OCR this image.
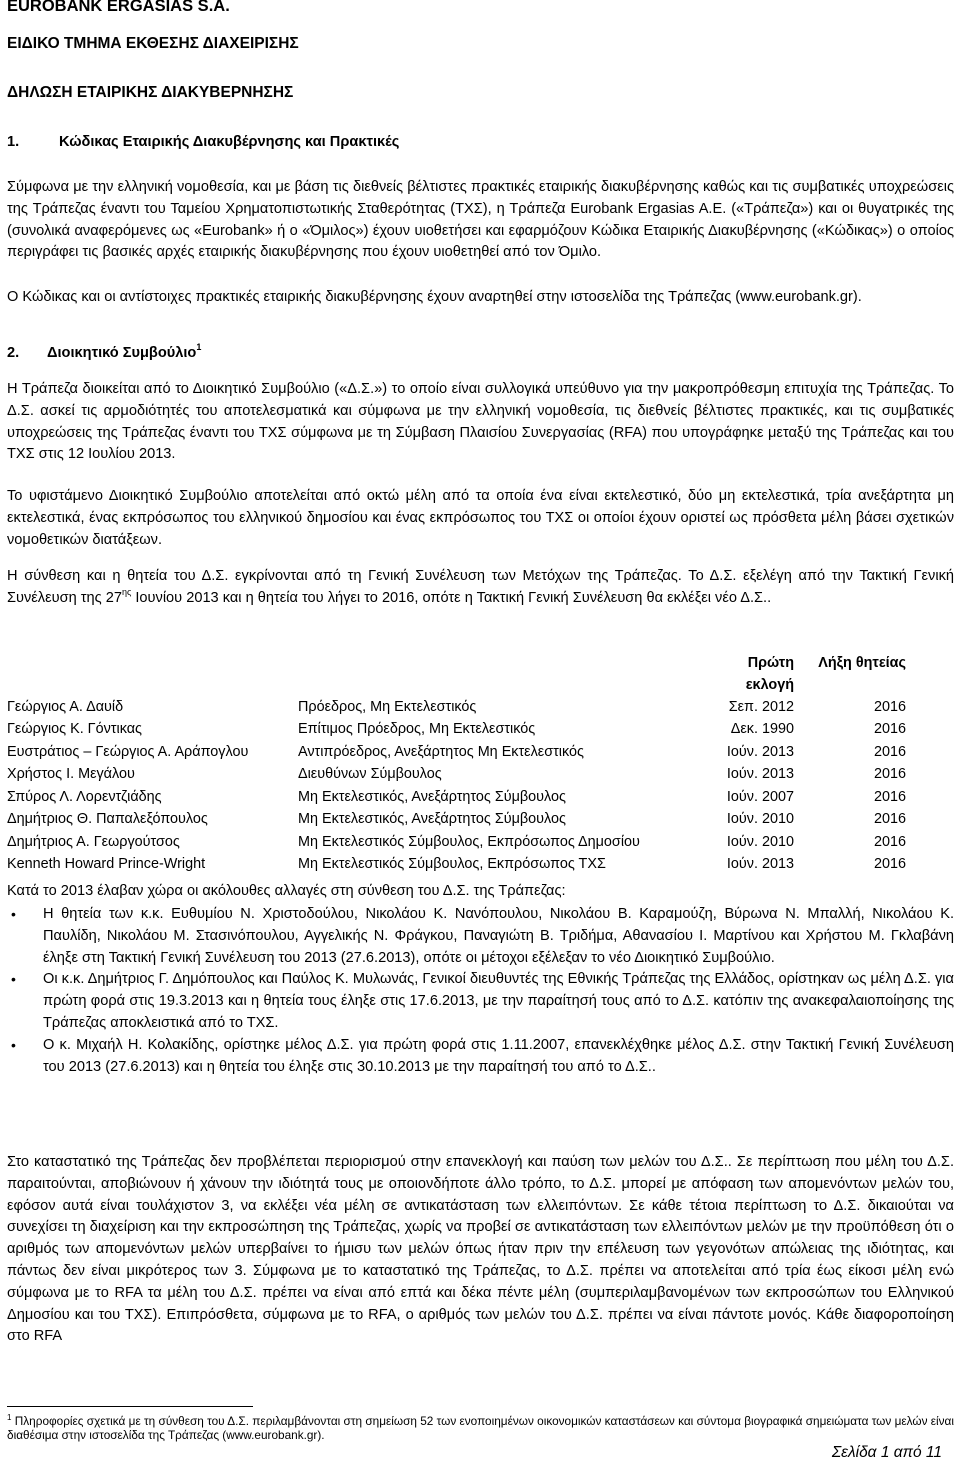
EUROBANK ERGASIAS S.A.
ΕΙΔΙΚΟ ΤΜΗΜΑ ΕΚΘΕΣΗΣ ΔΙΑΧΕΙΡΙΣΗΣ
ΔΗΛΩΣΗ ΕΤΑΙΡΙΚΗΣ ΔΙΑΚΥΒΕΡΝΗΣΗΣ
1.	Κώδικας Εταιρικής Διακυβέρνησης και Πρακτικές

Σύμφωνα με την ελληνική νομοθεσία, και με βάση τις διεθνείς βέλτιστες πρακτικές εταιρικής διακυβέρνησης καθώς και τις συμβατικές υποχρεώσεις της Τράπεζας έναντι του Ταμείου Χρηματοπιστωτικής Σταθερότητας (ΤΧΣ), η Τράπεζα Eurobank Ergasias A.E. («Τράπεζα») και οι θυγατρικές της (συνολικά αναφερόμενες ως «Eurobank» ή ο «Όμιλος») έχουν υιοθετήσει και εφαρμόζουν Κώδικα Εταιρικής Διακυβέρνησης («Κώδικας») ο οποίος περιγράφει τις βασικές αρχές εταιρικής διακυβέρνησης που έχουν υιοθετηθεί από τον Όμιλο.

Ο Κώδικας και οι αντίστοιχες πρακτικές εταιρικής διακυβέρνησης έχουν αναρτηθεί στην ιστοσελίδα της Τράπεζας (www.eurobank.gr).

2. Διοικητικό Συμβούλιο$^1$

Η Τράπεζα διοικείται από το Διοικητικό Συμβούλιο («Δ.Σ.») το οποίο είναι συλλογικά υπεύθυνο για την μακροπρόθεσμη επιτυχία της Τράπεζας. Το Δ.Σ. ασκεί τις αρμοδιότητές του αποτελεσματικά και σύμφωνα με την ελληνική νομοθεσία, τις διεθνείς βέλτιστες πρακτικές, και τις συμβατικές υποχρεώσεις της Τράπεζας έναντι του ΤΧΣ σύμφωνα με τη Σύμβαση Πλαισίου Συνεργασίας (RFA) που υπογράφηκε μεταξύ της Τράπεζας και του ΤΧΣ στις 12 Ιουλίου 2013.

Το υφιστάμενο Διοικητικό Συμβούλιο αποτελείται από οκτώ μέλη από τα οποία ένα είναι εκτελεστικό, δύο μη εκτελεστικά, τρία ανεξάρτητα μη εκτελεστικά, ένας εκπρόσωπος του ελληνικού δημοσίου και ένας εκπρόσωπος του ΤΧΣ οι οποίοι έχουν οριστεί ως πρόσθετα μέλη βάσει σχετικών νομοθετικών διατάξεων.

Η σύνθεση και η θητεία του Δ.Σ. εγκρίνονται από τη Γενική Συνέλευση των Μετόχων της Τράπεζας. Το Δ.Σ. εξελέγη από την Τακτική Γενική Συνέλευση της $27^{\eta\varsigma}$ Ιουνίου 2013 και η θητεία του λήγει το 2016, οπότε η Τακτική Γενική Συνέλευση θα εκλέξει νέο Δ.Σ..

		Πρώτη εκλογή	Λήξη θητείας
Γεώργιος Α. Δαυίδ	Πρόεδρος, Μη Εκτελεστικός	Σεπ. 2012	2016
Γεώργιος Κ. Γόντικας	Επίτιμος Πρόεδρος, Μη Εκτελεστικός	Δεκ. 1990	2016
Ευστράτιος – Γεώργιος Α. Αράπογλου	Αντιπρόεδρος, Ανεξάρτητος Μη Εκτελεστικός	Ιούν. 2013	2016
Χρήστος Ι. Μεγάλου	Διευθύνων Σύμβουλος	Ιούν. 2013	2016
Σπύρος Λ. Λορεντζιάδης	Μη Εκτελεστικός, Ανεξάρτητος Σύμβουλος	Ιούν. 2007	2016
Δημήτριος Θ. Παπαλεξόπουλος	Μη Εκτελεστικός, Ανεξάρτητος Σύμβουλος	Ιούν. 2010	2016
Δημήτριος Α. Γεωργούτσος	Μη Εκτελεστικός Σύμβουλος, Εκπρόσωπος Δημοσίου	Ιούν. 2010	2016
Kenneth Howard Prince-Wright	Μη Εκτελεστικός Σύμβουλος, Εκπρόσωπος ΤΧΣ	Ιούν. 2013	2016

Κατά το 2013 έλαβαν χώρα οι ακόλουθες αλλαγές στη σύνθεση του Δ.Σ. της Τράπεζας:

• Η θητεία των κ.κ. Ευθυμίου Ν. Χριστοδούλου, Νικολάου Κ. Νανόπουλου, Νικολάου Β. Καραμούζη, Βύρωνα Ν. Μπαλλή, Νικολάου Κ. Παυλίδη, Νικολάου Μ. Στασινόπουλου, Αγγελικής Ν. Φράγκου, Παναγιώτη Β. Τριδήμα, Αθανασίου Ι. Μαρτίνου και Χρήστου Μ. Γκλαβάνη έληξε στη Τακτική Γενική Συνέλευση του 2013 (27.6.2013), οπότε οι μέτοχοι εξέλεξαν το νέο Διοικητικό Συμβούλιο.
• Οι κ.κ. Δημήτριος Γ. Δημόπουλος και Παύλος Κ. Μυλωνάς, Γενικοί διευθυντές της Εθνικής Τράπεζας της Ελλάδος, ορίστηκαν ως μέλη Δ.Σ. για πρώτη φορά στις 19.3.2013 και η θητεία τους έληξε στις 17.6.2013, με την παραίτησή τους από το Δ.Σ. κατόπιν της ανακεφαλαιοποίησης της Τράπεζας αποκλειστικά από το ΤΧΣ.
• Ο κ. Μιχαήλ Η. Κολακίδης, ορίστηκε μέλος Δ.Σ. για πρώτη φορά στις 1.11.2007, επανεκλέχθηκε μέλος Δ.Σ. στην Τακτική Γενική Συνέλευση του 2013 (27.6.2013) και η θητεία του έληξε στις 30.10.2013 με την παραίτησή του από το Δ.Σ..

Στο καταστατικό της Τράπεζας δεν προβλέπεται περιορισμού στην επανεκλογή και παύση των μελών του Δ.Σ.. Σε περίπτωση που μέλη του Δ.Σ. παραιτούνται, αποβιώνουν ή χάνουν την ιδιότητά τους με οποιονδήποτε άλλο τρόπο, το Δ.Σ. μπορεί με απόφαση των απομενόντων μελών του, εφόσον αυτά είναι τουλάχιστον 3, να εκλέξει νέα μέλη σε αντικατάσταση των ελλειπόντων. Σε κάθε τέτοια περίπτωση το Δ.Σ. δικαιούται να συνεχίσει τη διαχείριση και την εκπροσώπηση της Τράπεζας, χωρίς να προβεί σε αντικατάσταση των ελλειπόντων μελών με την προϋπόθεση ότι ο αριθμός των απομενόντων μελών υπερβαίνει το ήμισυ των μελών όπως ήταν πριν την επέλευση των γεγονότων απώλειας της ιδιότητας, και πάντως δεν είναι μικρότερος των 3. Σύμφωνα με το καταστατικό της Τράπεζας, το Δ.Σ. πρέπει να αποτελείται από τρία έως είκοσι μέλη ενώ σύμφωνα με το RFA τα μέλη του Δ.Σ. πρέπει να είναι από επτά και δέκα πέντε μέλη (συμπεριλαμβανομένων των εκπροσώπων του Ελληνικού Δημοσίου και του ΤΧΣ). Επιπρόσθετα, σύμφωνα με το RFA, ο αριθμός των μελών του Δ.Σ. πρέπει να είναι πάντοτε μονός. Κάθε διαφοροποίηση στο RFA

$^1$ Πληροφορίες σχετικά με τη σύνθεση του Δ.Σ. περιλαμβάνονται στη σημείωση 52 των ενοποιημένων οικονομικών καταστάσεων και σύντομα βιογραφικά σημειώματα των μελών είναι διαθέσιμα στην ιστοσελίδα της Τράπεζας (www.eurobank.gr).
Σελίδα 1 από 11
